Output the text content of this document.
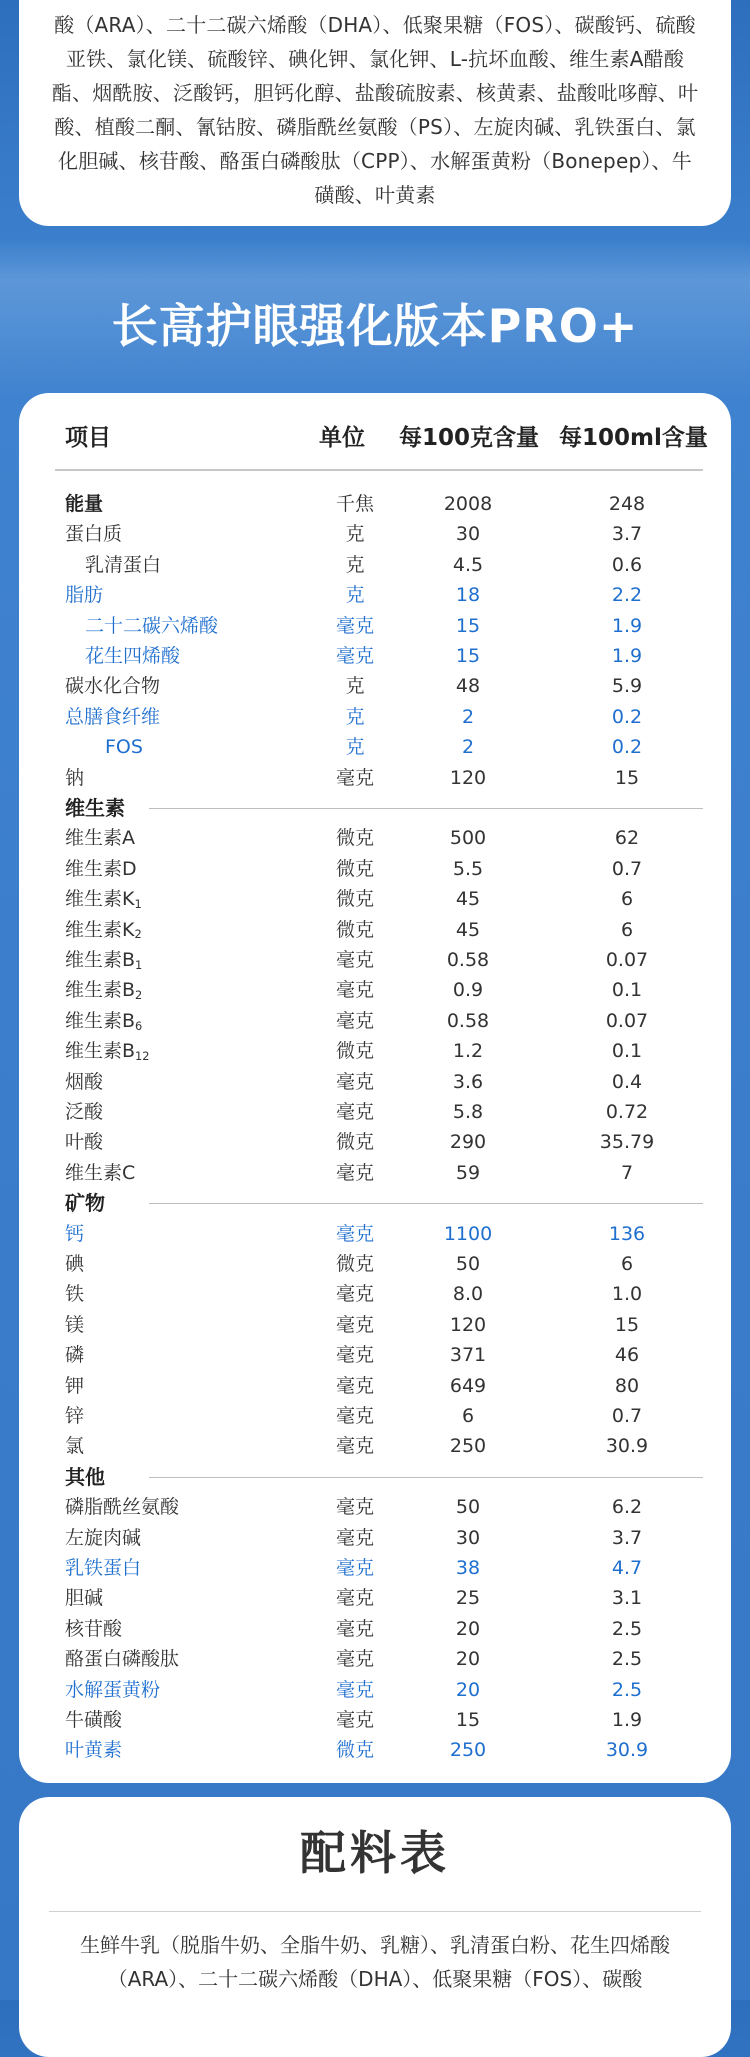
酸（ARA）、二十二碳六烯酸（DHA）、低聚果糖（FOS）、碳酸钙、硫酸亚铁、氯化镁、硫酸锌、碘化钾、氯化钾、L-抗坏血酸、维生素A醋酸酯、烟酰胺、泛酸钙，胆钙化醇、盐酸硫胺素、核黄素、盐酸吡哆醇、叶酸、植酸二酮、氰钴胺、磷脂酰丝氨酸（PS）、左旋肉碱、乳铁蛋白、氯化胆碱、核苷酸、酪蛋白磷酸肽（CPP）、水解蛋黄粉（Bonepep）、牛磺酸、叶黄素
长高护眼强化版本PRO+
项目	单位 每100克含量 每100ml含量
能量	千焦	2008	248
蛋白质	克	30	3.7
乳清蛋白	克	4.5	0.6
脂肪	克	18	2.2
二十二碳六烯酸	毫克	15	1.9
花生四烯酸	毫克	15	1.9
碳水化合物	克	48	5.9
总膳食纤维	克	2	0.2
FOS	克	2	0.2
钠	毫克	120	15
维生素
维生素A	微克	500	62
维生素D	微克	5.5	0.7
维生素$K_1$	微克	45	6
维生素$K_2$	微克	45	6
维生素$B_1$	毫克	0.58	0.07
维生素$B_2$	毫克	0.9	0.1
维生素$B_6$	毫克	0.58	0.07
维生素$B_{12}$	微克	1.2	0.1
烟酸	毫克	3.6	0.4
泛酸	毫克	5.8	0.72
叶酸	微克	290	35.79
维生素C	毫克	59	7
矿物
钙	毫克	1100	136
碘	微克	50	6
铁	毫克	8.0	1.0
镁	毫克	120	15
磷	毫克	371	46
钾	毫克	649	80
锌	毫克	6	0.7
氯	毫克	250	30.9
其他
磷脂酰丝氨酸	毫克	50	6.2
左旋肉碱	毫克	30	3.7
乳铁蛋白	毫克	38	4.7
胆碱	毫克	25	3.1
核苷酸	毫克	20	2.5
酪蛋白磷酸肽	毫克	20	2.5
水解蛋黄粉	毫克	20	2.5
牛磺酸	毫克	15	1.9
叶黄素	微克	250	30.9
配料表
生鲜牛乳（脱脂牛奶、全脂牛奶、乳糖）、乳清蛋白粉、花生四烯酸（ARA）、二十二碳六烯酸（DHA）、低聚果糖（FOS）、碳酸
